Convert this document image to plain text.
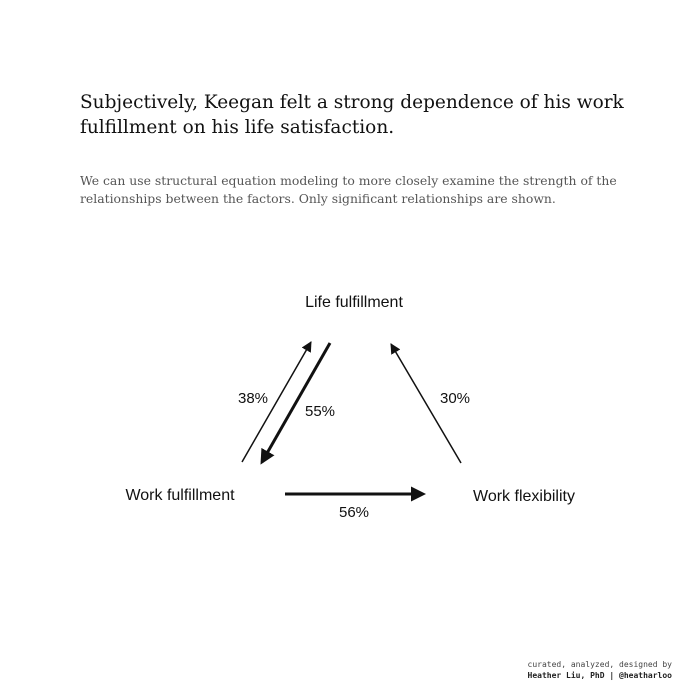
Subjectively, Keegan felt a strong dependence of his work fulfillment on his life satisfaction.

We can use structural equation modeling to more closely examine the strength of the relationships between the factors. Only significant relationships are shown.

Life fulfillment
Work fulfillment	Work flexibility
38%
55%
30%
56%
curated, analyzed, designed by
Heather Liu, PhD | @heatharloo
